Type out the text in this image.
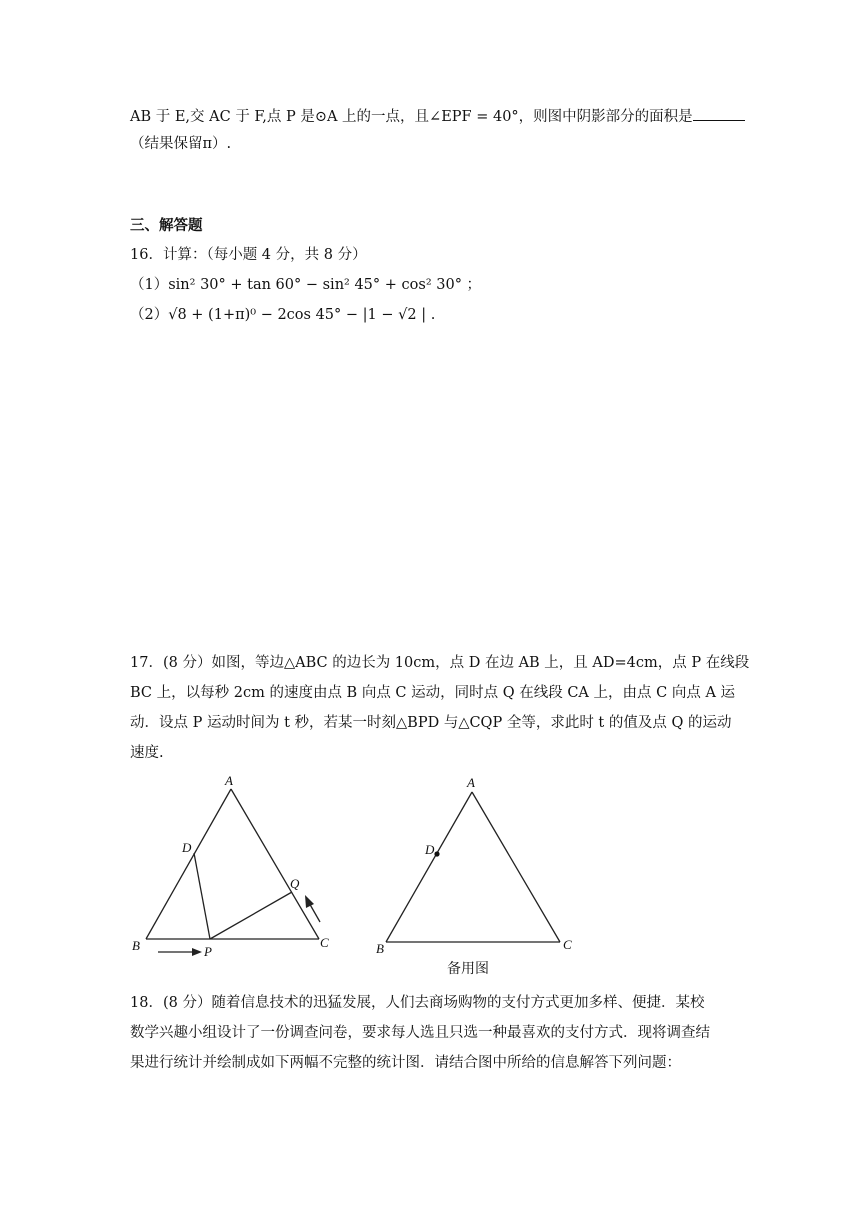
AB 于 E,交 AC 于 F,点 P 是⊙A 上的一点，且∠EPF = 40°，则图中阴影部分的面积是
（结果保留π）.
三、解答题
16．计算：（每小题 4 分，共 8 分）
（1）sin² 30° + tan 60° − sin² 45° + cos² 30° ；
（2）√8 + (1+π)⁰ − 2cos 45° − |1 − √2 | .
17．(8 分）如图，等边△ABC 的边长为 10cm，点 D 在边 AB 上，且 AD=4cm，点 P 在线段
BC 上，以每秒 2cm 的速度由点 B 向点 C 运动，同时点 Q 在线段 CA 上，由点 C 向点 A 运
动．设点 P 运动时间为 t 秒，若某一时刻△BPD 与△CQP 全等，求此时 t 的值及点 Q 的运动
速度.
A
D
Q
B	P
C
A
D
B	C
备用图
18．(8 分）随着信息技术的迅猛发展，人们去商场购物的支付方式更加多样、便捷．某校
数学兴趣小组设计了一份调查问卷，要求每人选且只选一种最喜欢的支付方式．现将调查结
果进行统计并绘制成如下两幅不完整的统计图．请结合图中所给的信息解答下列问题：
